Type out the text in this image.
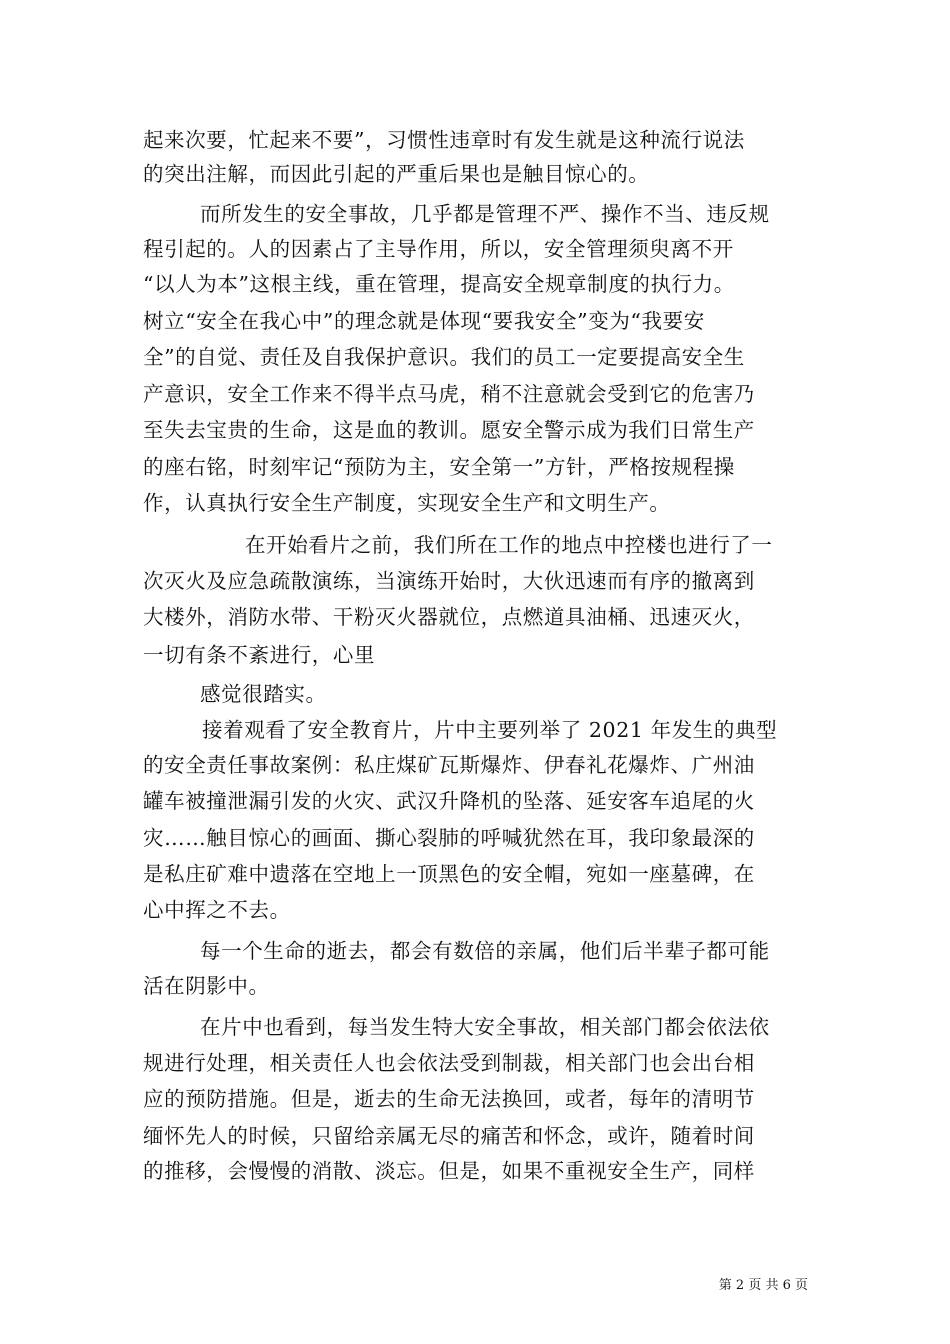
起来次要，忙起来不要”，习惯性违章时有发生就是这种流行说法
的突出注解，而因此引起的严重后果也是触目惊心的。
而所发生的安全事故，几乎都是管理不严、操作不当、违反规
程引起的。人的因素占了主导作用，所以，安全管理须臾离不开
“以人为本”这根主线，重在管理，提高安全规章制度的执行力。
树立“安全在我心中”的理念就是体现“要我安全”变为“我要安
全”的自觉、责任及自我保护意识。我们的员工一定要提高安全生
产意识，安全工作来不得半点马虎，稍不注意就会受到它的危害乃
至失去宝贵的生命，这是血的教训。愿安全警示成为我们日常生产
的座右铭，时刻牢记“预防为主，安全第一”方针，严格按规程操
作，认真执行安全生产制度，实现安全生产和文明生产。
在开始看片之前，我们所在工作的地点中控楼也进行了一
次灭火及应急疏散演练，当演练开始时，大伙迅速而有序的撤离到
大楼外，消防水带、干粉灭火器就位，点燃道具油桶、迅速灭火，
一切有条不紊进行，心里
感觉很踏实。
接着观看了安全教育片，片中主要列举了 2021 年发生的典型
的安全责任事故案例：私庄煤矿瓦斯爆炸、伊春礼花爆炸、广州油
罐车被撞泄漏引发的火灾、武汉升降机的坠落、延安客车追尾的火
灾……触目惊心的画面、撕心裂肺的呼喊犹然在耳，我印象最深的
是私庄矿难中遗落在空地上一顶黑色的安全帽，宛如一座墓碑，在
心中挥之不去。
每一个生命的逝去，都会有数倍的亲属，他们后半辈子都可能
活在阴影中。
在片中也看到，每当发生特大安全事故，相关部门都会依法依
规进行处理，相关责任人也会依法受到制裁，相关部门也会出台相
应的预防措施。但是，逝去的生命无法换回，或者，每年的清明节
缅怀先人的时候，只留给亲属无尽的痛苦和怀念，或许，随着时间
的推移，会慢慢的消散、淡忘。但是，如果不重视安全生产，同样
第 2 页 共 6 页
